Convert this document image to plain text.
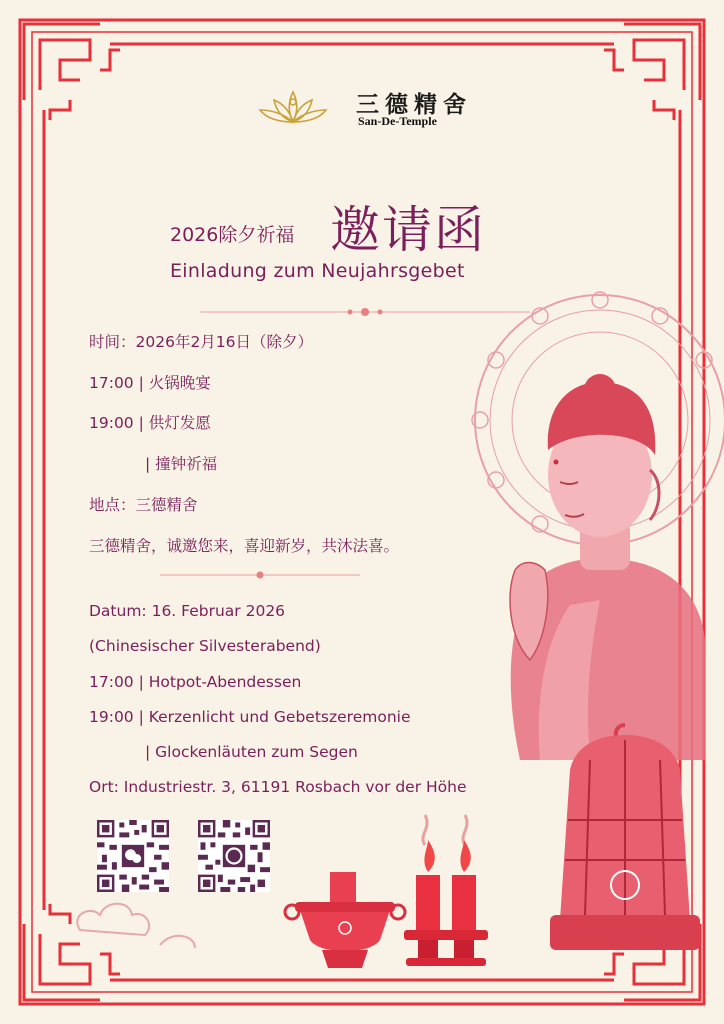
三德精舍
San-De-Temple
2026除夕祈福 邀请函
Einladung zum Neujahrsgebet
时间：2026年2月16日（除夕）
17:00 | 火锅晚宴
19:00 | 供灯发愿
| 撞钟祈福
地点：三德精舍
三德精舍，诚邀您来，喜迎新岁，共沐法喜。
Datum: 16. Februar 2026
(Chinesischer Silvesterabend)
17:00 | Hotpot-Abendessen
19:00 | Kerzenlicht und Gebetszeremonie
| Glockenläuten zum Segen
Ort: Industriestr. 3, 61191 Rosbach vor der Höhe
